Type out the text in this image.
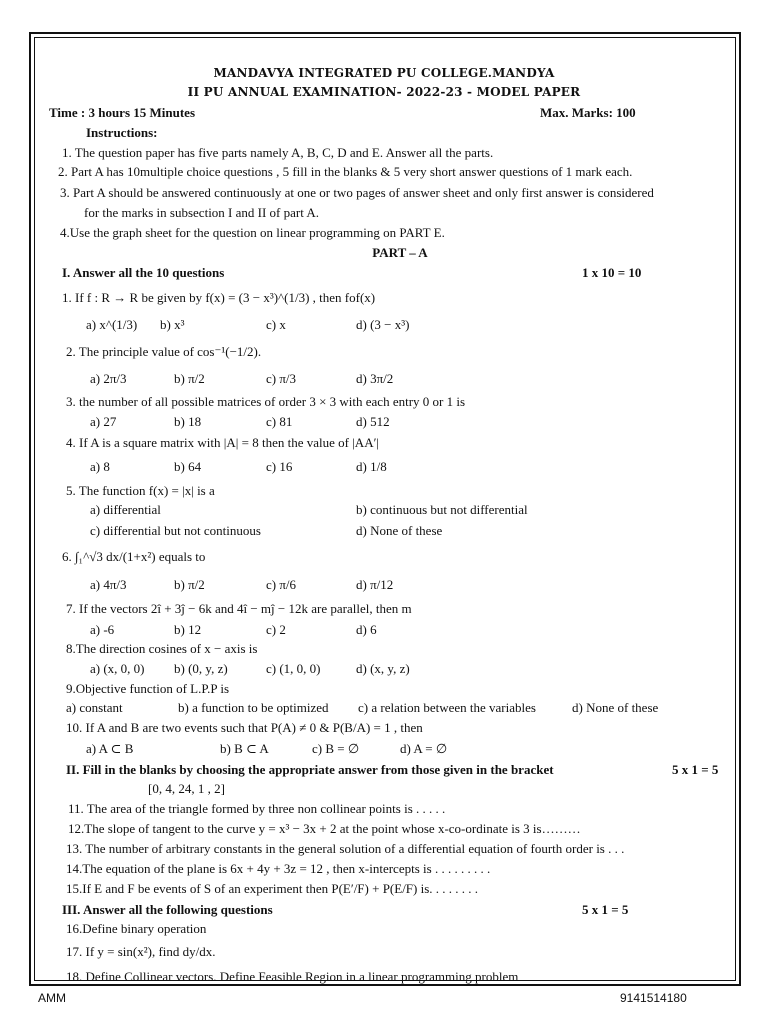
MANDAVYA INTEGRATED PU COLLEGE.MANDYA
II PU ANNUAL EXAMINATION- 2022-23 - MODEL PAPER
Time : 3 hours 15 Minutes	Max. Marks: 100
Instructions:
1. The question paper has five parts namely A, B, C, D and E. Answer all the parts.
2. Part A has 10multiple choice questions , 5 fill in the blanks & 5 very short answer questions of 1 mark each.
3. Part A should be answered continuously at one or two pages of answer sheet and only first answer is considered
for the marks in subsection I and II of part A.
4.Use the graph sheet for the question on linear programming on PART E.
PART – A
I. Answer all the 10 questions	1 x 10 = 10
1. If f : R → R be given by f(x) = (3 − x³)^(1/3) , then fof(x)
a) x^(1/3) b) x³	c) x	d) (3 − x³)
2. The principle value of cos⁻¹(−1/2).
a) 2π/3	b) π/2	c) π/3	d) 3π/2
3. the number of all possible matrices of order 3 × 3 with each entry 0 or 1 is
a) 27	b) 18	c) 81	d) 512
4. If A is a square matrix with |A| = 8 then the value of |AA′|
a) 8	b) 64	c) 16	d) 1/8
5. The function f(x) = |x| is a
a) differential	b) continuous but not differential
c) differential but not continuous	d) None of these
6. ∫₁^√3 dx/(1+x²) equals to
a) 4π/3	b) π/2	c) π/6	d) π/12
7. If the vectors 2î + 3ĵ − 6k and 4î − mĵ − 12k are parallel, then m
a) -6	b) 12	c) 2	d) 6
8.The direction cosines of x − axis is
a) (x, 0, 0) b) (0, y, z)	c) (1, 0, 0)	d) (x, y, z)
9.Objective function of L.P.P is
a) constant	b) a function to be optimized c) a relation between the variables	d) None of these
10. If A and B are two events such that P(A) ≠ 0 & P(B/A) = 1 , then
a) A ⊂ B	b) B ⊂ A	c) B = ∅	d) A = ∅
II. Fill in the blanks by choosing the appropriate answer from those given in the bracket	5 x 1 = 5
[0, 4, 24, 1 , 2]
11. The area of the triangle formed by three non collinear points is . . . . .
12.The slope of tangent to the curve y = x³ − 3x + 2 at the point whose x-co-ordinate is 3 is………
13. The number of arbitrary constants in the general solution of a differential equation of fourth order is . . .
14.The equation of the plane is 6x + 4y + 3z = 12 , then x-intercepts is . . . . . . . . .
15.If E and F be events of S of an experiment then P(E′/F) + P(E/F) is. . . . . . . .
III. Answer all the following questions	5 x 1 = 5
16.Define binary operation
17. If y = sin(x²), find dy/dx.
18. Define Collinear vectors. Define Feasible Region in a linear programming problem
AMM	9141514180
